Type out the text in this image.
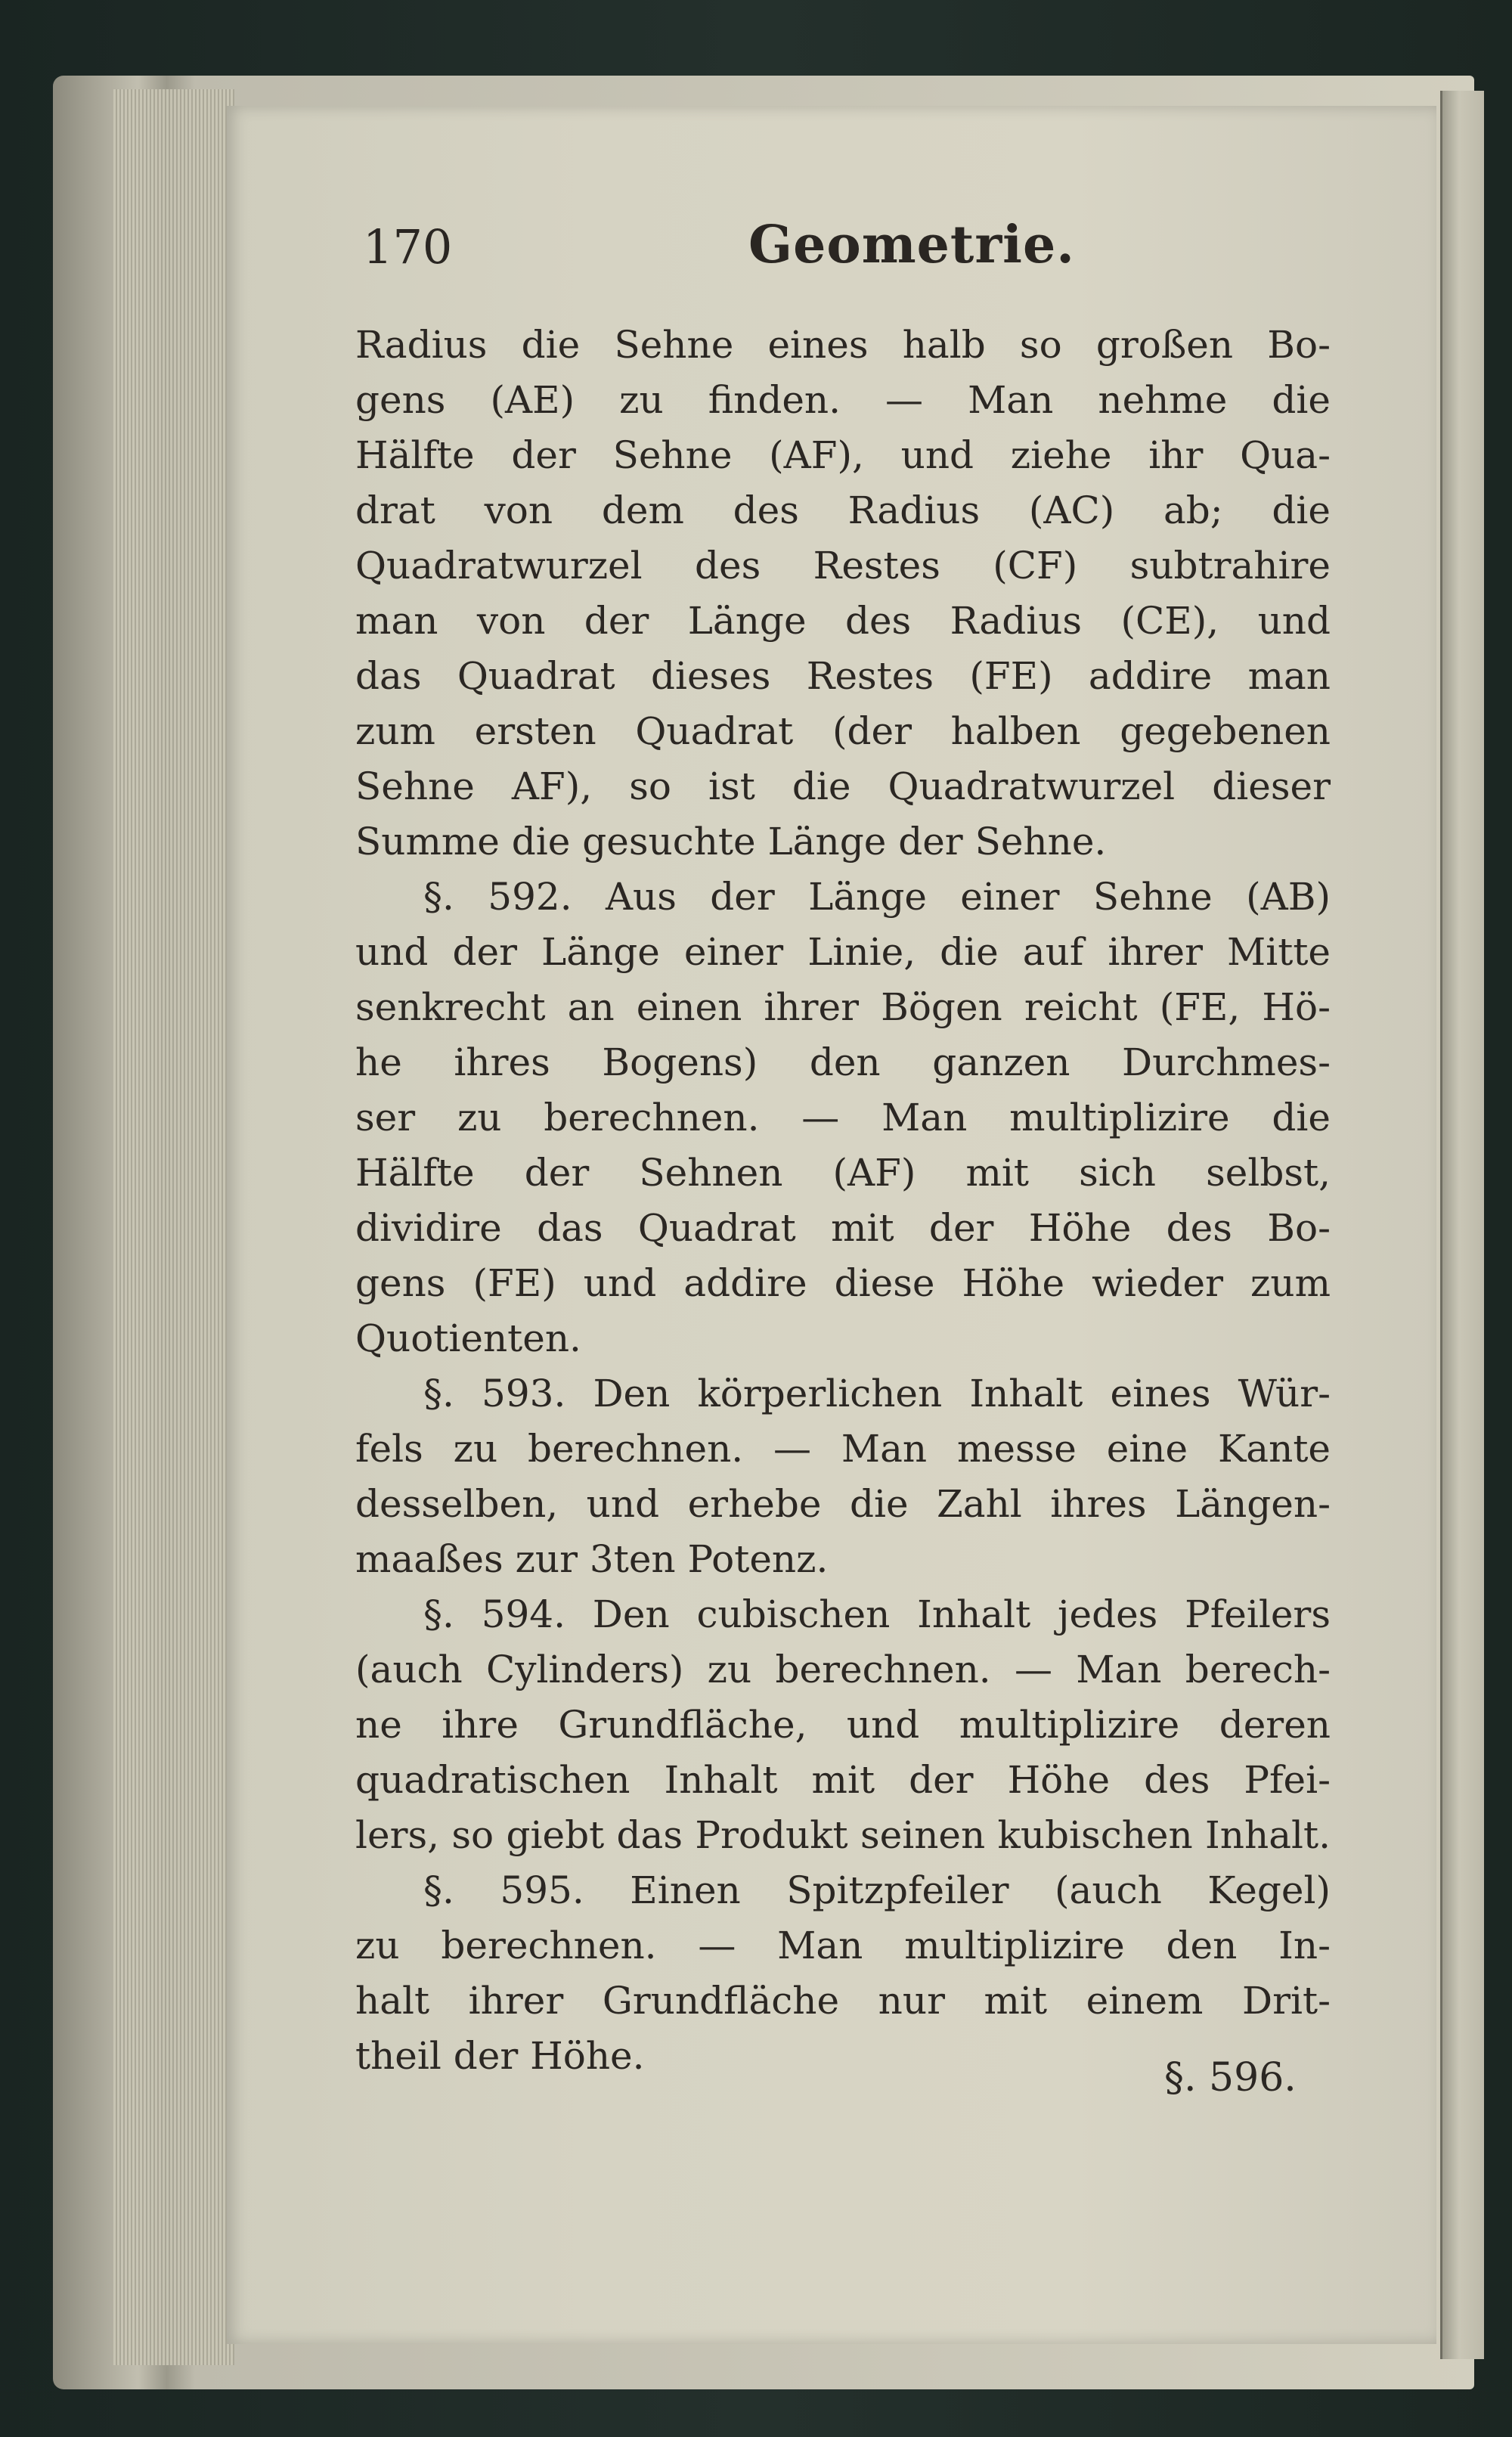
170	Geometrie.
Radius die Sehne eines halb so großen Bo-
gens (AE) zu finden. — Man nehme die
Hälfte der Sehne (AF), und ziehe ihr Qua-
drat von dem des Radius (AC) ab; die
Quadratwurzel des Restes (CF) subtrahire
man von der Länge des Radius (CE), und
das Quadrat dieses Restes (FE) addire man
zum ersten Quadrat (der halben gegebenen
Sehne AF), so ist die Quadratwurzel dieser
Summe die gesuchte Länge der Sehne.
§. 592. Aus der Länge einer Sehne (AB)
und der Länge einer Linie, die auf ihrer Mitte
senkrecht an einen ihrer Bögen reicht (FE, Hö-
he ihres Bogens) den ganzen Durchmes-
ser zu berechnen. — Man multiplizire die
Hälfte der Sehnen (AF) mit sich selbst,
dividire das Quadrat mit der Höhe des Bo-
gens (FE) und addire diese Höhe wieder zum
Quotienten.
§. 593. Den körperlichen Inhalt eines Wür-
fels zu berechnen. — Man messe eine Kante
desselben, und erhebe die Zahl ihres Längen-
maaßes zur 3ten Potenz.
§. 594. Den cubischen Inhalt jedes Pfeilers
(auch Cylinders) zu berechnen. — Man berech-
ne ihre Grundfläche, und multiplizire deren
quadratischen Inhalt mit der Höhe des Pfei-
lers, so giebt das Produkt seinen kubischen Inhalt.
§. 595. Einen Spitzpfeiler (auch Kegel)
zu berechnen. — Man multiplizire den In-
halt ihrer Grundfläche nur mit einem Drit-
theil der Höhe.	§. 596.
